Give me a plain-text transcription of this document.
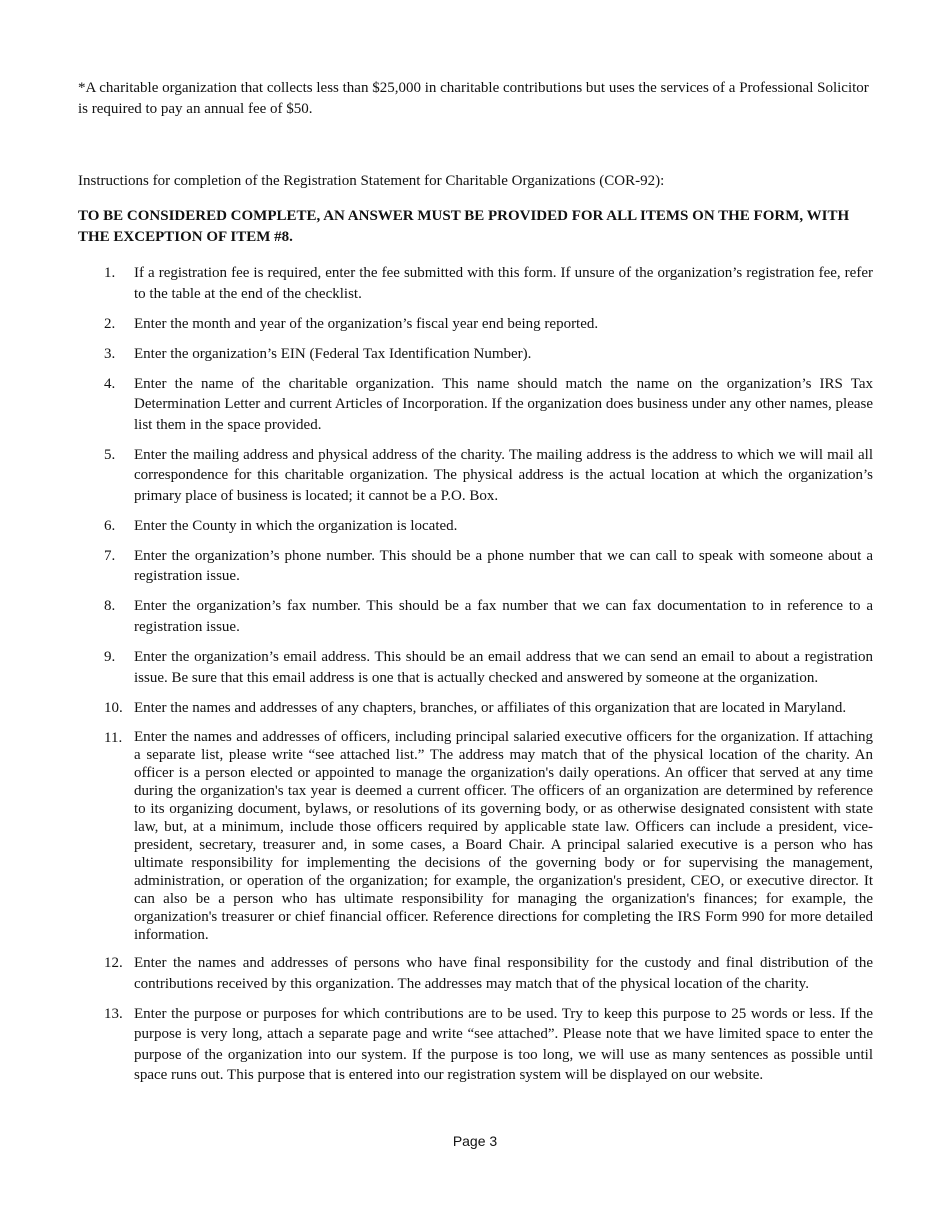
*A charitable organization that collects less than $25,000 in charitable contributions but uses the services of a Professional Solicitor is required to pay an annual fee of $50.

Instructions for completion of the Registration Statement for Charitable Organizations (COR-92):

TO BE CONSIDERED COMPLETE, AN ANSWER MUST BE PROVIDED FOR ALL ITEMS ON THE FORM, WITH THE EXCEPTION OF ITEM #8.

1.	If a registration fee is required, enter the fee submitted with this form. If unsure of the organization’s registration fee, refer to the table at the end of the checklist.
2.	Enter the month and year of the organization’s fiscal year end being reported.
3.	Enter the organization’s EIN (Federal Tax Identification Number).
4.	Enter the name of the charitable organization. This name should match the name on the organization’s IRS Tax Determination Letter and current Articles of Incorporation. If the organization does business under any other names, please list them in the space provided.
5.	Enter the mailing address and physical address of the charity. The mailing address is the address to which we will mail all correspondence for this charitable organization. The physical address is the actual location at which the organization’s primary place of business is located; it cannot be a P.O. Box.
6.	Enter the County in which the organization is located.
7.	Enter the organization’s phone number. This should be a phone number that we can call to speak with someone about a registration issue.
8.	Enter the organization’s fax number. This should be a fax number that we can fax documentation to in reference to a registration issue.
9.	Enter the organization’s email address. This should be an email address that we can send an email to about a registration issue. Be sure that this email address is one that is actually checked and answered by someone at the organization.
10. Enter the names and addresses of any chapters, branches, or affiliates of this organization that are located in Maryland.
11. Enter the names and addresses of officers, including principal salaried executive officers for the organization. If attaching a separate list, please write “see attached list.” The address may match that of the physical location of the charity. An officer is a person elected or appointed to manage the organization's daily operations. An officer that served at any time during the organization's tax year is deemed a current officer. The officers of an organization are determined by reference to its organizing document, bylaws, or resolutions of its governing body, or as otherwise designated consistent with state law, but, at a minimum, include those officers required by applicable state law. Officers can include a president, vice-president, secretary, treasurer and, in some cases, a Board Chair. A principal salaried executive is a person who has ultimate responsibility for implementing the decisions of the governing body or for supervising the management, administration, or operation of the organization; for example, the organization's president, CEO, or executive director. It can also be a person who has ultimate responsibility for managing the organization's finances; for example, the organization's treasurer or chief financial officer. Reference directions for completing the IRS Form 990 for more detailed information.
12. Enter the names and addresses of persons who have final responsibility for the custody and final distribution of the contributions received by this organization. The addresses may match that of the physical location of the charity.
13. Enter the purpose or purposes for which contributions are to be used. Try to keep this purpose to 25 words or less. If the purpose is very long, attach a separate page and write “see attached”. Please note that we have limited space to enter the purpose of the organization into our system. If the purpose is too long, we will use as many sentences as possible until space runs out. This purpose that is entered into our registration system will be displayed on our website.

Page 3
